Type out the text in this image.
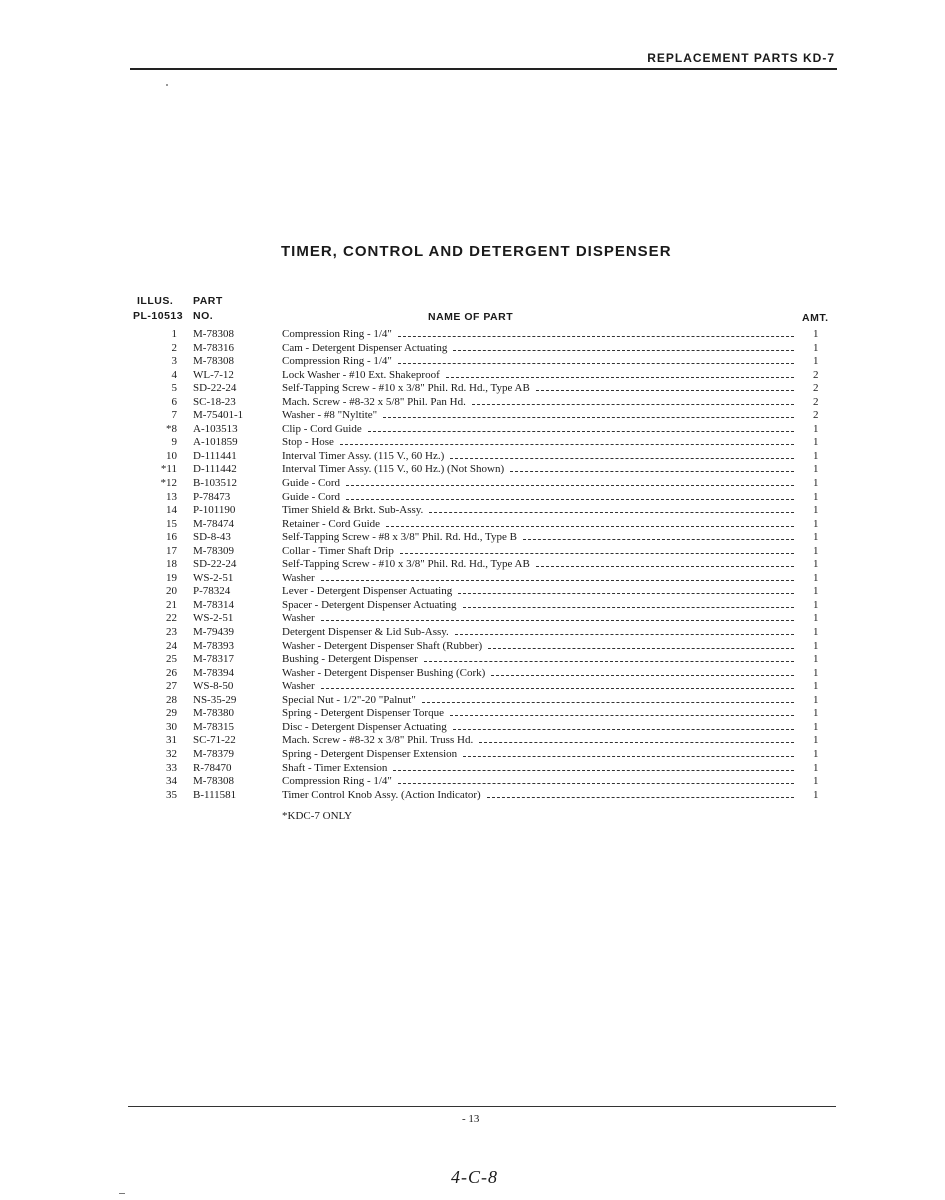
REPLACEMENT PARTS KD-7
TIMER, CONTROL AND DETERGENT DISPENSER
ILLUS. PART
PL-10513 NO.	NAME OF PART	AMT.
1 M-78308	Compression Ring - 1/4"	1
2 M-78316	Cam - Detergent Dispenser Actuating	1
3 M-78308	Compression Ring - 1/4"	1
4 WL-7-12	Lock Washer - #10 Ext. Shakeproof	2
5 SD-22-24	Self-Tapping Screw - #10 x 3/8" Phil. Rd. Hd., Type AB	2
6 SC-18-23	Mach. Screw - #8-32 x 5/8" Phil. Pan Hd.	2
7 M-75401-1	Washer - #8 "Nyltite"	2
*8 A-103513	Clip - Cord Guide	1
9 A-101859	Stop - Hose	1
10 D-111441	Interval Timer Assy. (115 V., 60 Hz.)	1
*11 D-111442	Interval Timer Assy. (115 V., 60 Hz.) (Not Shown)	1
*12 B-103512	Guide - Cord	1
13 P-78473	Guide - Cord	1
14 P-101190	Timer Shield & Brkt. Sub-Assy.	1
15 M-78474	Retainer - Cord Guide	1
16 SD-8-43	Self-Tapping Screw - #8 x 3/8" Phil. Rd. Hd., Type B	1
17 M-78309	Collar - Timer Shaft Drip	1
18 SD-22-24	Self-Tapping Screw - #10 x 3/8" Phil. Rd. Hd., Type AB	1
19 WS-2-51	Washer	1
20 P-78324	Lever - Detergent Dispenser Actuating	1
21 M-78314	Spacer - Detergent Dispenser Actuating	1
22 WS-2-51	Washer	1
23 M-79439	Detergent Dispenser & Lid Sub-Assy.	1
24 M-78393	Washer - Detergent Dispenser Shaft (Rubber)	1
25 M-78317	Bushing - Detergent Dispenser	1
26 M-78394	Washer - Detergent Dispenser Bushing (Cork)	1
27 WS-8-50	Washer	1
28 NS-35-29	Special Nut - 1/2"-20 "Palnut"	1
29 M-78380	Spring - Detergent Dispenser Torque	1
30 M-78315	Disc - Detergent Dispenser Actuating	1
31 SC-71-22	Mach. Screw - #8-32 x 3/8" Phil. Truss Hd.	1
32 M-78379	Spring - Detergent Dispenser Extension	1
33 R-78470	Shaft - Timer Extension	1
34 M-78308	Compression Ring - 1/4"	1
35 B-111581	Timer Control Knob Assy. (Action Indicator)	1
*KDC-7 ONLY
- 13
4-C-8
